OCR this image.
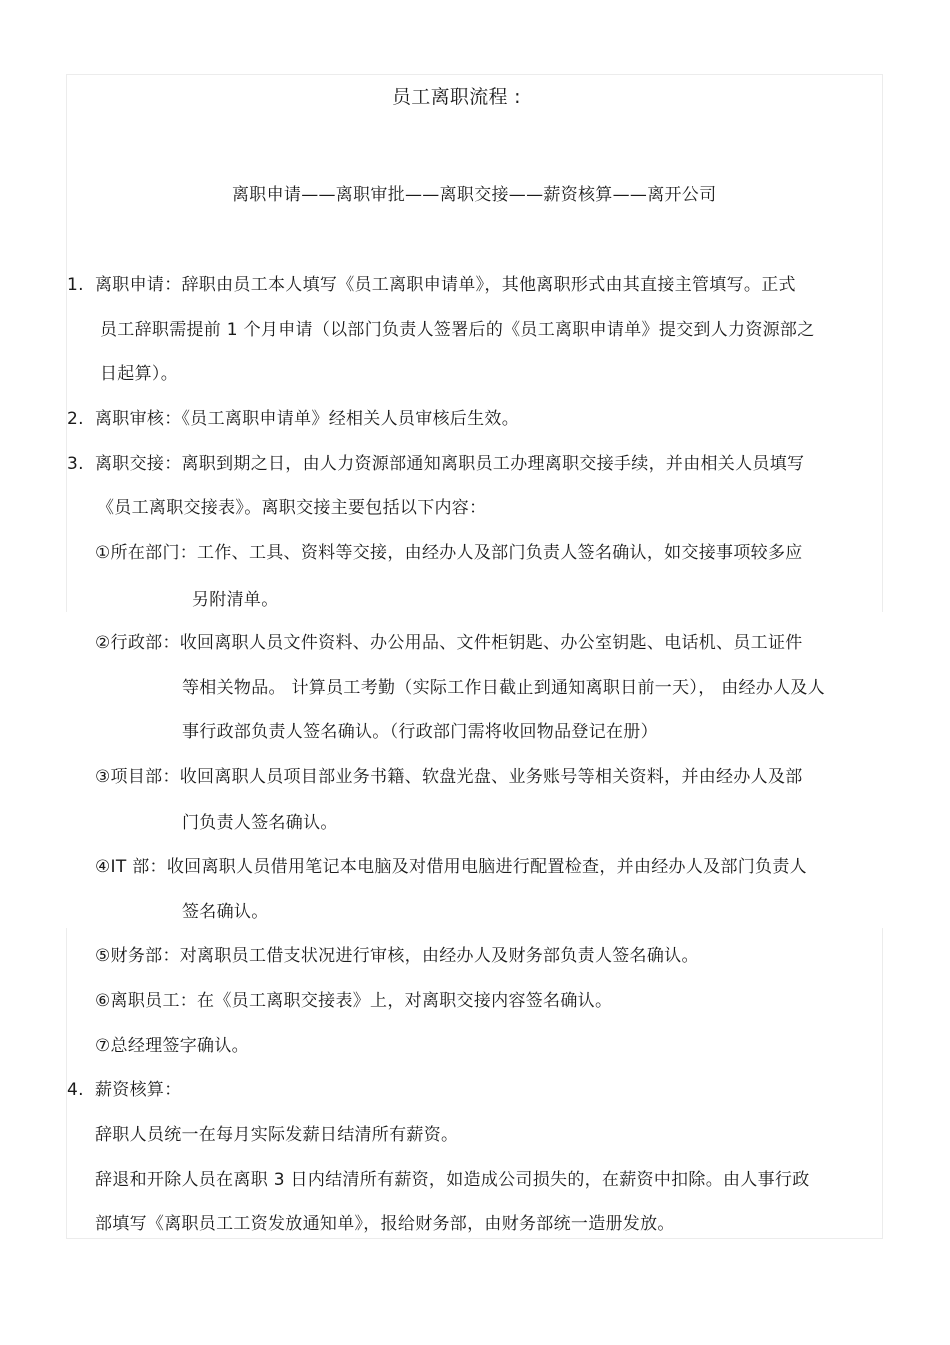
员工离职流程 :
离职申请——离职审批——离职交接——薪资核算——离开公司
1. 离职申请：辞职由员工本人填写《员工离职申请单》，其他离职形式由其直接主管填写。正式
员工辞职需提前 1 个月申请（以部门负责人签署后的《员工离职申请单》提交到人力资源部之
日起算）。
2. 离职审核：《员工离职申请单》经相关人员审核后生效。
3. 离职交接：离职到期之日，由人力资源部通知离职员工办理离职交接手续，并由相关人员填写
《员工离职交接表》。离职交接主要包括以下内容：
①所在部门：工作、工具、资料等交接，由经办人及部门负责人签名确认，如交接事项较多应
另附清单。
②行政部：收回离职人员文件资料、办公用品、文件柜钥匙、办公室钥匙、电话机、员工证件
等相关物品。 计算员工考勤（实际工作日截止到通知离职日前一天）， 由经办人及人
事行政部负责人签名确认。（行政部门需将收回物品登记在册）
③项目部：收回离职人员项目部业务书籍、软盘光盘、业务账号等相关资料，并由经办人及部
门负责人签名确认。
④IT 部：收回离职人员借用笔记本电脑及对借用电脑进行配置检查，并由经办人及部门负责人
签名确认。
⑤财务部：对离职员工借支状况进行审核，由经办人及财务部负责人签名确认。
⑥离职员工：在《员工离职交接表》上，对离职交接内容签名确认。
⑦总经理签字确认。
4. 薪资核算：
辞职人员统一在每月实际发薪日结清所有薪资。
辞退和开除人员在离职 3 日内结清所有薪资，如造成公司损失的，在薪资中扣除。由人事行政
部填写《离职员工工资发放通知单》，报给财务部，由财务部统一造册发放。
